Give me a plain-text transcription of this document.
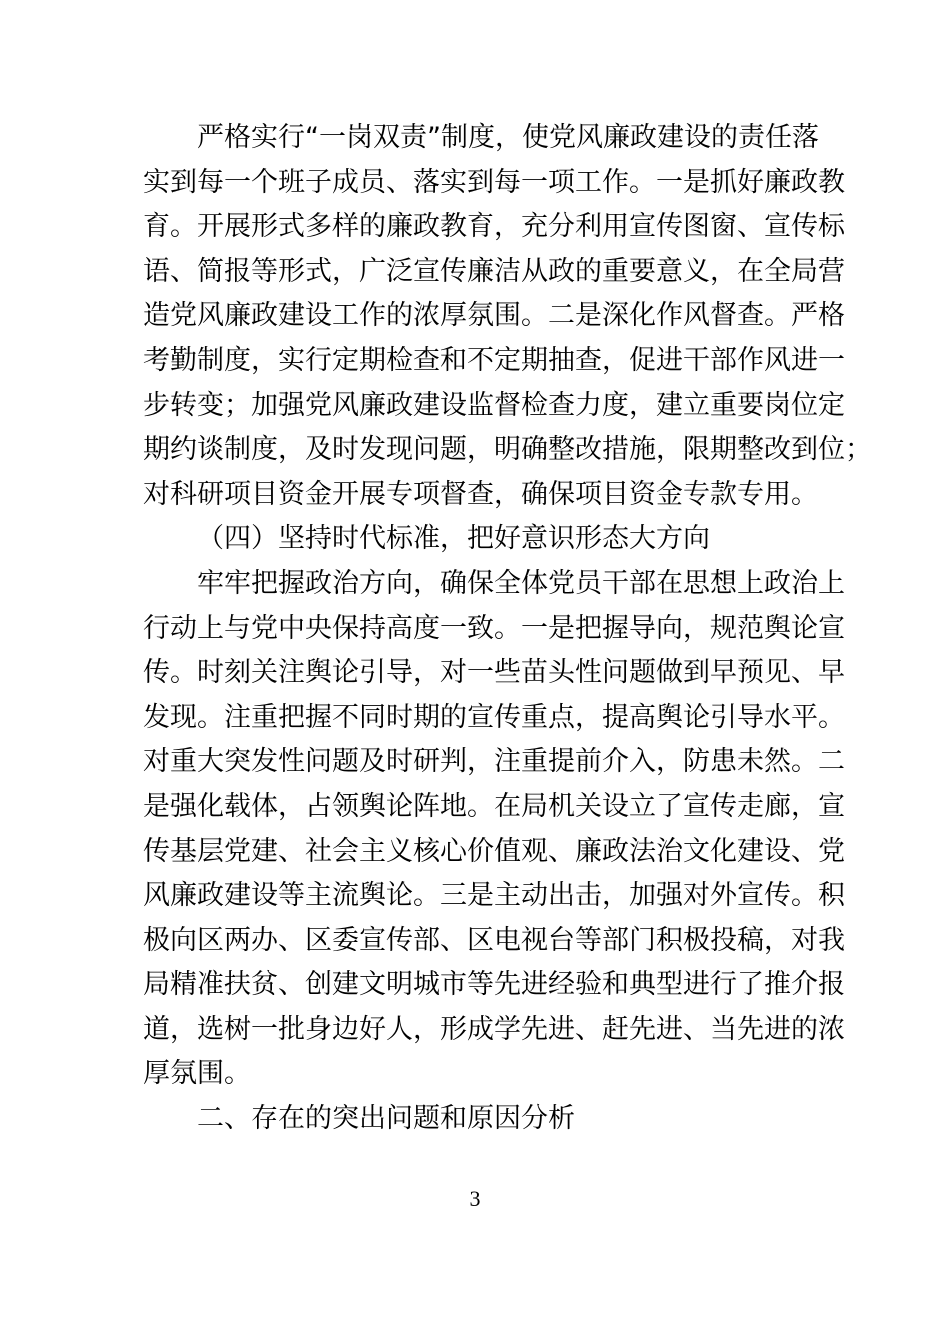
严格实行“一岗双责”制度，使党风廉政建设的责任落
实到每一个班子成员、落实到每一项工作。一是抓好廉政教
育。开展形式多样的廉政教育，充分利用宣传图窗、宣传标
语、简报等形式，广泛宣传廉洁从政的重要意义，在全局营
造党风廉政建设工作的浓厚氛围。二是深化作风督查。严格
考勤制度，实行定期检查和不定期抽查，促进干部作风进一
步转变；加强党风廉政建设监督检查力度，建立重要岗位定
期约谈制度，及时发现问题，明确整改措施，限期整改到位；
对科研项目资金开展专项督查，确保项目资金专款专用。
（四）坚持时代标准，把好意识形态大方向
牢牢把握政治方向，确保全体党员干部在思想上政治上
行动上与党中央保持高度一致。一是把握导向，规范舆论宣
传。时刻关注舆论引导，对一些苗头性问题做到早预见、早
发现。注重把握不同时期的宣传重点，提高舆论引导水平。
对重大突发性问题及时研判，注重提前介入，防患未然。二
是强化载体，占领舆论阵地。在局机关设立了宣传走廊，宣
传基层党建、社会主义核心价值观、廉政法治文化建设、党
风廉政建设等主流舆论。三是主动出击，加强对外宣传。积
极向区两办、区委宣传部、区电视台等部门积极投稿，对我
局精准扶贫、创建文明城市等先进经验和典型进行了推介报
道，选树一批身边好人，形成学先进、赶先进、当先进的浓
厚氛围。
二、存在的突出问题和原因分析
3
